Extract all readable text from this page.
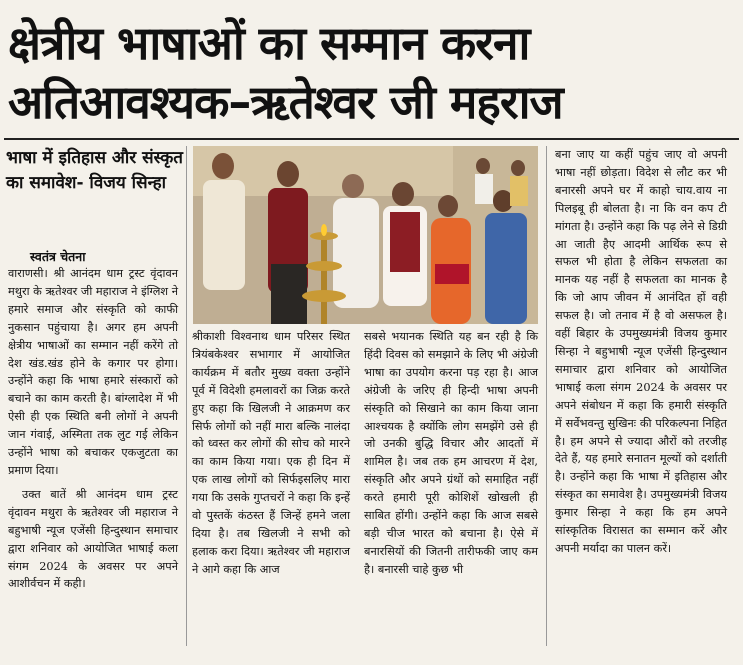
क्षेत्रीय भाषाओं का सम्मान करना
अतिआवश्यक–ऋतेश्वर जी महराज
भाषा में इतिहास और संस्कृत का समावेश- विजय सिन्हा
स्वतंत्र चेतना

वाराणसी। श्री आनंदम धाम ट्रस्ट वृंदावन मथुरा के ऋतेश्वर जी महाराज ने इंग्लिश ने हमारे समाज और संस्कृति को काफी नुकसान पहुंचाया है। अगर हम अपनी क्षेत्रीय भाषाओं का सम्मान नहीं करेंगे तो देश खंड.खंड होने के कगार पर होगा। उन्होंने कहा कि भाषा हमारे संस्कारों को बचाने का काम करती है। बांग्लादेश में भी ऐसी ही एक स्थिति बनी लोगों ने अपनी जान गंवाई, अस्मिता तक लुट गई लेकिन उन्होंने भाषा को बचाकर एकजुटता का प्रमाण दिया।

उक्त बातें श्री आनंदम धाम ट्रस्ट वृंदावन मथुरा के ऋतेश्वर जी महाराज ने बहुभाषी न्यूज एजेंसी हिन्दुस्थान समाचार द्वारा शनिवार को आयोजित भाषाई कला संगम 2024 के अवसर पर अपने आशीर्वचन में कही।

श्रीकाशी विश्वनाथ धाम परिसर स्थित त्रियंबकेश्वर सभागार में आयोजित कार्यक्रम में बतौर मुख्य वक्ता उन्होंने पूर्व में विदेशी हमलावरों का जिक्र करते हुए कहा कि खिलजी ने आक्रमण कर सिर्फ लोगों को नहीं मारा बल्कि नालंदा को ध्वस्त कर लोगों की सोच को मारने का काम किया गया। एक ही दिन में एक लाख लोगों को सिर्फइसलिए मारा गया कि उसके गुप्तचरों ने कहा कि इन्हें वो पुस्तकें कंठस्त हैं जिन्हें हमने जला दिया है। तब खिलजी ने सभी को हलाक करा दिया। ऋतेश्वर जी महाराज ने आगे कहा कि आज

सबसे भयानक स्थिति यह बन रही है कि हिंदी दिवस को समझाने के लिए भी अंग्रेजी भाषा का उपयोग करना पड़ रहा है। आज अंग्रेजी के जरिए ही हिन्दी भाषा अपनी संस्कृति को सिखाने का काम किया जाना आश्चयक है क्योंकि लोग समझेंगे उसे ही जो उनकी बुद्धि विचार और आदतों में शामिल है। जब तक हम आचरण में देश, संस्कृति और अपने ग्रंथों को समाहित नहीं करते हमारी पूरी कोशिशें खोखली ही साबित होंगी। उन्होंने कहा कि आज सबसे बड़ी चीज भारत को बचाना है। ऐसे में बनारसियों की जितनी तारीफकी जाए कम है। बनारसी चाहे कुछ भी

बना जाए या कहीं पहुंच जाए वो अपनी भाषा नहीं छोड़ता। विदेश से लौट कर भी बनारसी अपने घर में काहो चाय.वाय ना पिलइबू ही बोलता है। ना कि वन कप टी मांगता है। उन्होंने कहा कि पढ़ लेने से डिग्री आ जाती हैए आदमी आर्थिक रूप से सफल भी होता है लेकिन सफलता का मानक यह नहीं है सफलता का मानक है कि जो आप जीवन में आनंदित हों वही सफल है। जो तनाव में है वो असफल है। वहीं बिहार के उपमुख्यमंत्री विजय कुमार सिन्हा ने बहुभाषी न्यूज एजेंसी हिन्दुस्थान समाचार द्वारा शनिवार को आयोजित भाषाई कला संगम 2024 के अवसर पर अपने संबोधन में कहा कि हमारी संस्कृति में सर्वेभवन्तु सुखिनः की परिकल्पना निहित है। हम अपने से ज्यादा औरों को तरजीह देते हैं, यह हमारे सनातन मूल्यों को दर्शाती है। उन्होंने कहा कि भाषा में इतिहास और संस्कृत का समावेश है। उपमुख्यमंत्री विजय कुमार सिन्हा ने कहा कि हम अपने सांस्कृतिक विरासत का सम्मान करें और अपनी मर्यादा का पालन करें।
